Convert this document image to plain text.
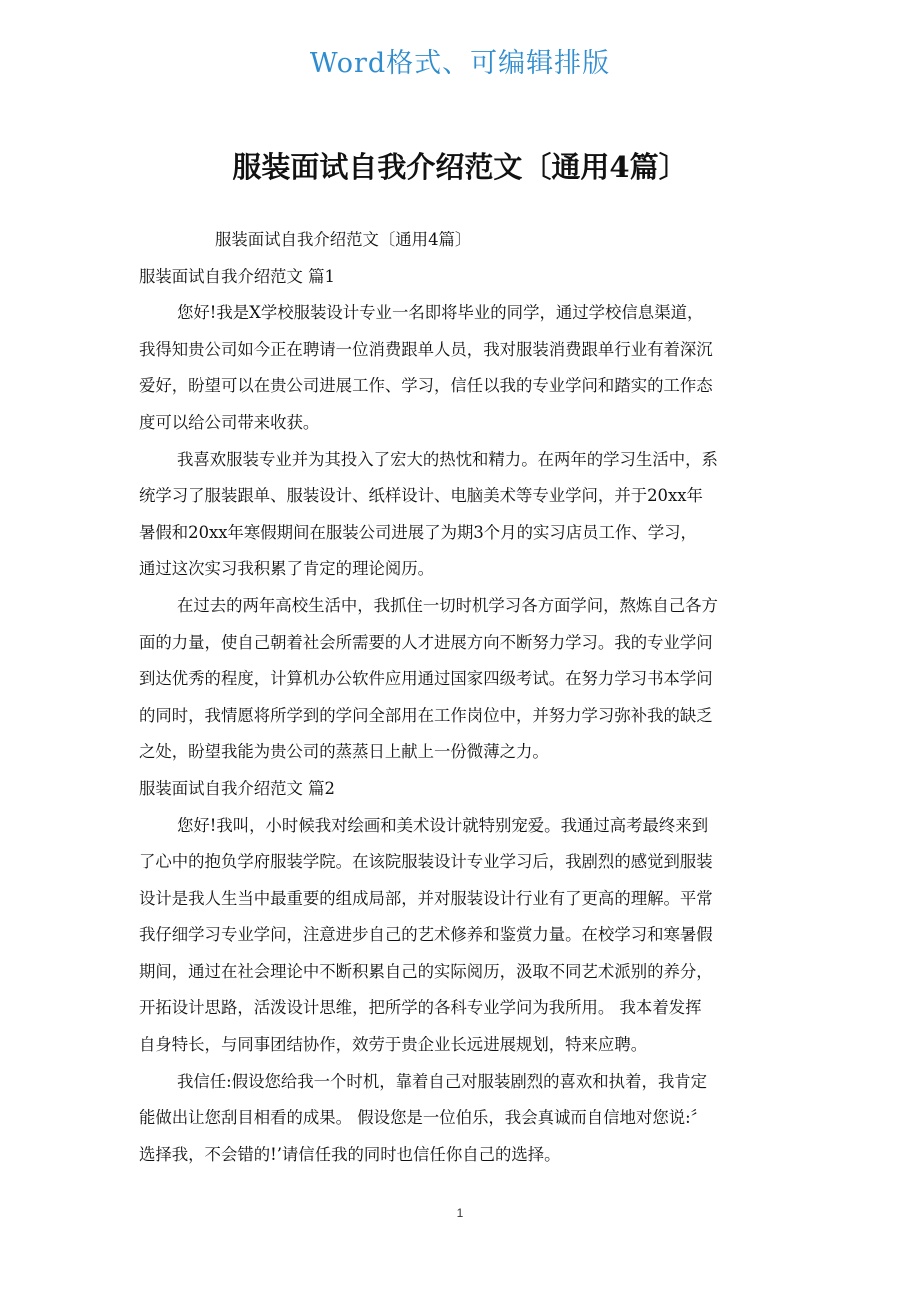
Word格式、可编辑排版
服装面试自我介绍范文〔通用4篇〕

服装面试自我介绍范文〔通用4篇〕

服装面试自我介绍范文 篇1

您好!我是X学校服装设计专业一名即将毕业的同学，通过学校信息渠道，

我得知贵公司如今正在聘请一位消费跟单人员，我对服装消费跟单行业有着深沉

爱好，盼望可以在贵公司进展工作、学习，信任以我的专业学问和踏实的工作态

度可以给公司带来收获。

我喜欢服装专业并为其投入了宏大的热忱和精力。在两年的学习生活中，系

统学习了服装跟单、服装设计、纸样设计、电脑美术等专业学问，并于20xx年

暑假和20xx年寒假期间在服装公司进展了为期3个月的实习店员工作、学习，

通过这次实习我积累了肯定的理论阅历。

在过去的两年高校生活中，我抓住一切时机学习各方面学问，熬炼自己各方

面的力量，使自己朝着社会所需要的人才进展方向不断努力学习。我的专业学问

到达优秀的程度，计算机办公软件应用通过国家四级考试。在努力学习书本学问

的同时，我情愿将所学到的学问全部用在工作岗位中，并努力学习弥补我的缺乏

之处，盼望我能为贵公司的蒸蒸日上献上一份微薄之力。

服装面试自我介绍范文 篇2

您好!我叫，小时候我对绘画和美术设计就特别宠爱。我通过高考最终来到

了心中的抱负学府服装学院。在该院服装设计专业学习后，我剧烈的感觉到服装

设计是我人生当中最重要的组成局部，并对服装设计行业有了更高的理解。平常

我仔细学习专业学问，注意进步自己的艺术修养和鉴赏力量。在校学习和寒暑假

期间，通过在社会理论中不断积累自己的实际阅历，汲取不同艺术派别的养分，

开拓设计思路，活泼设计思维，把所学的各科专业学问为我所用。 我本着发挥

自身特长，与同事团结协作，效劳于贵企业长远进展规划，特来应聘。

我信任:假设您给我一个时机，靠着自己对服装剧烈的喜欢和执着，我肯定

能做出让您刮目相看的成果。 假设您是一位伯乐，我会真诚而自信地对您说:〞

选择我，不会错的!’请信任我的同时也信任你自己的选择。

1
